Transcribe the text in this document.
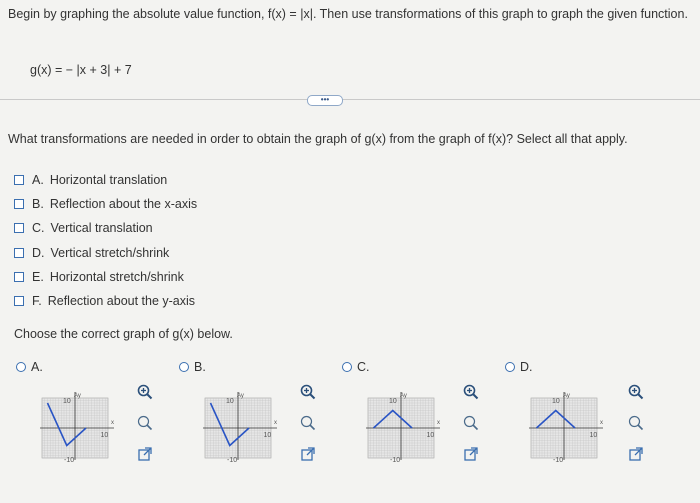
Begin by graphing the absolute value function, f(x) = |x|. Then use transformations of this graph to graph the given function.
g(x) = − |x + 3| + 7
•••
What transformations are needed in order to obtain the graph of g(x) from the graph of f(x)? Select all that apply.
A. Horizontal translation
B. Reflection about the x-axis
C. Vertical translation
D. Vertical stretch/shrink
E. Horizontal stretch/shrink
F. Reflection about the y-axis
Choose the correct graph of g(x) below.
A.	B.	C.	D.
10
-10
10
x
Ay
10
-10
10
x
Ay
10
-10
10
x
Ay
10
-10
10
x
Ay
